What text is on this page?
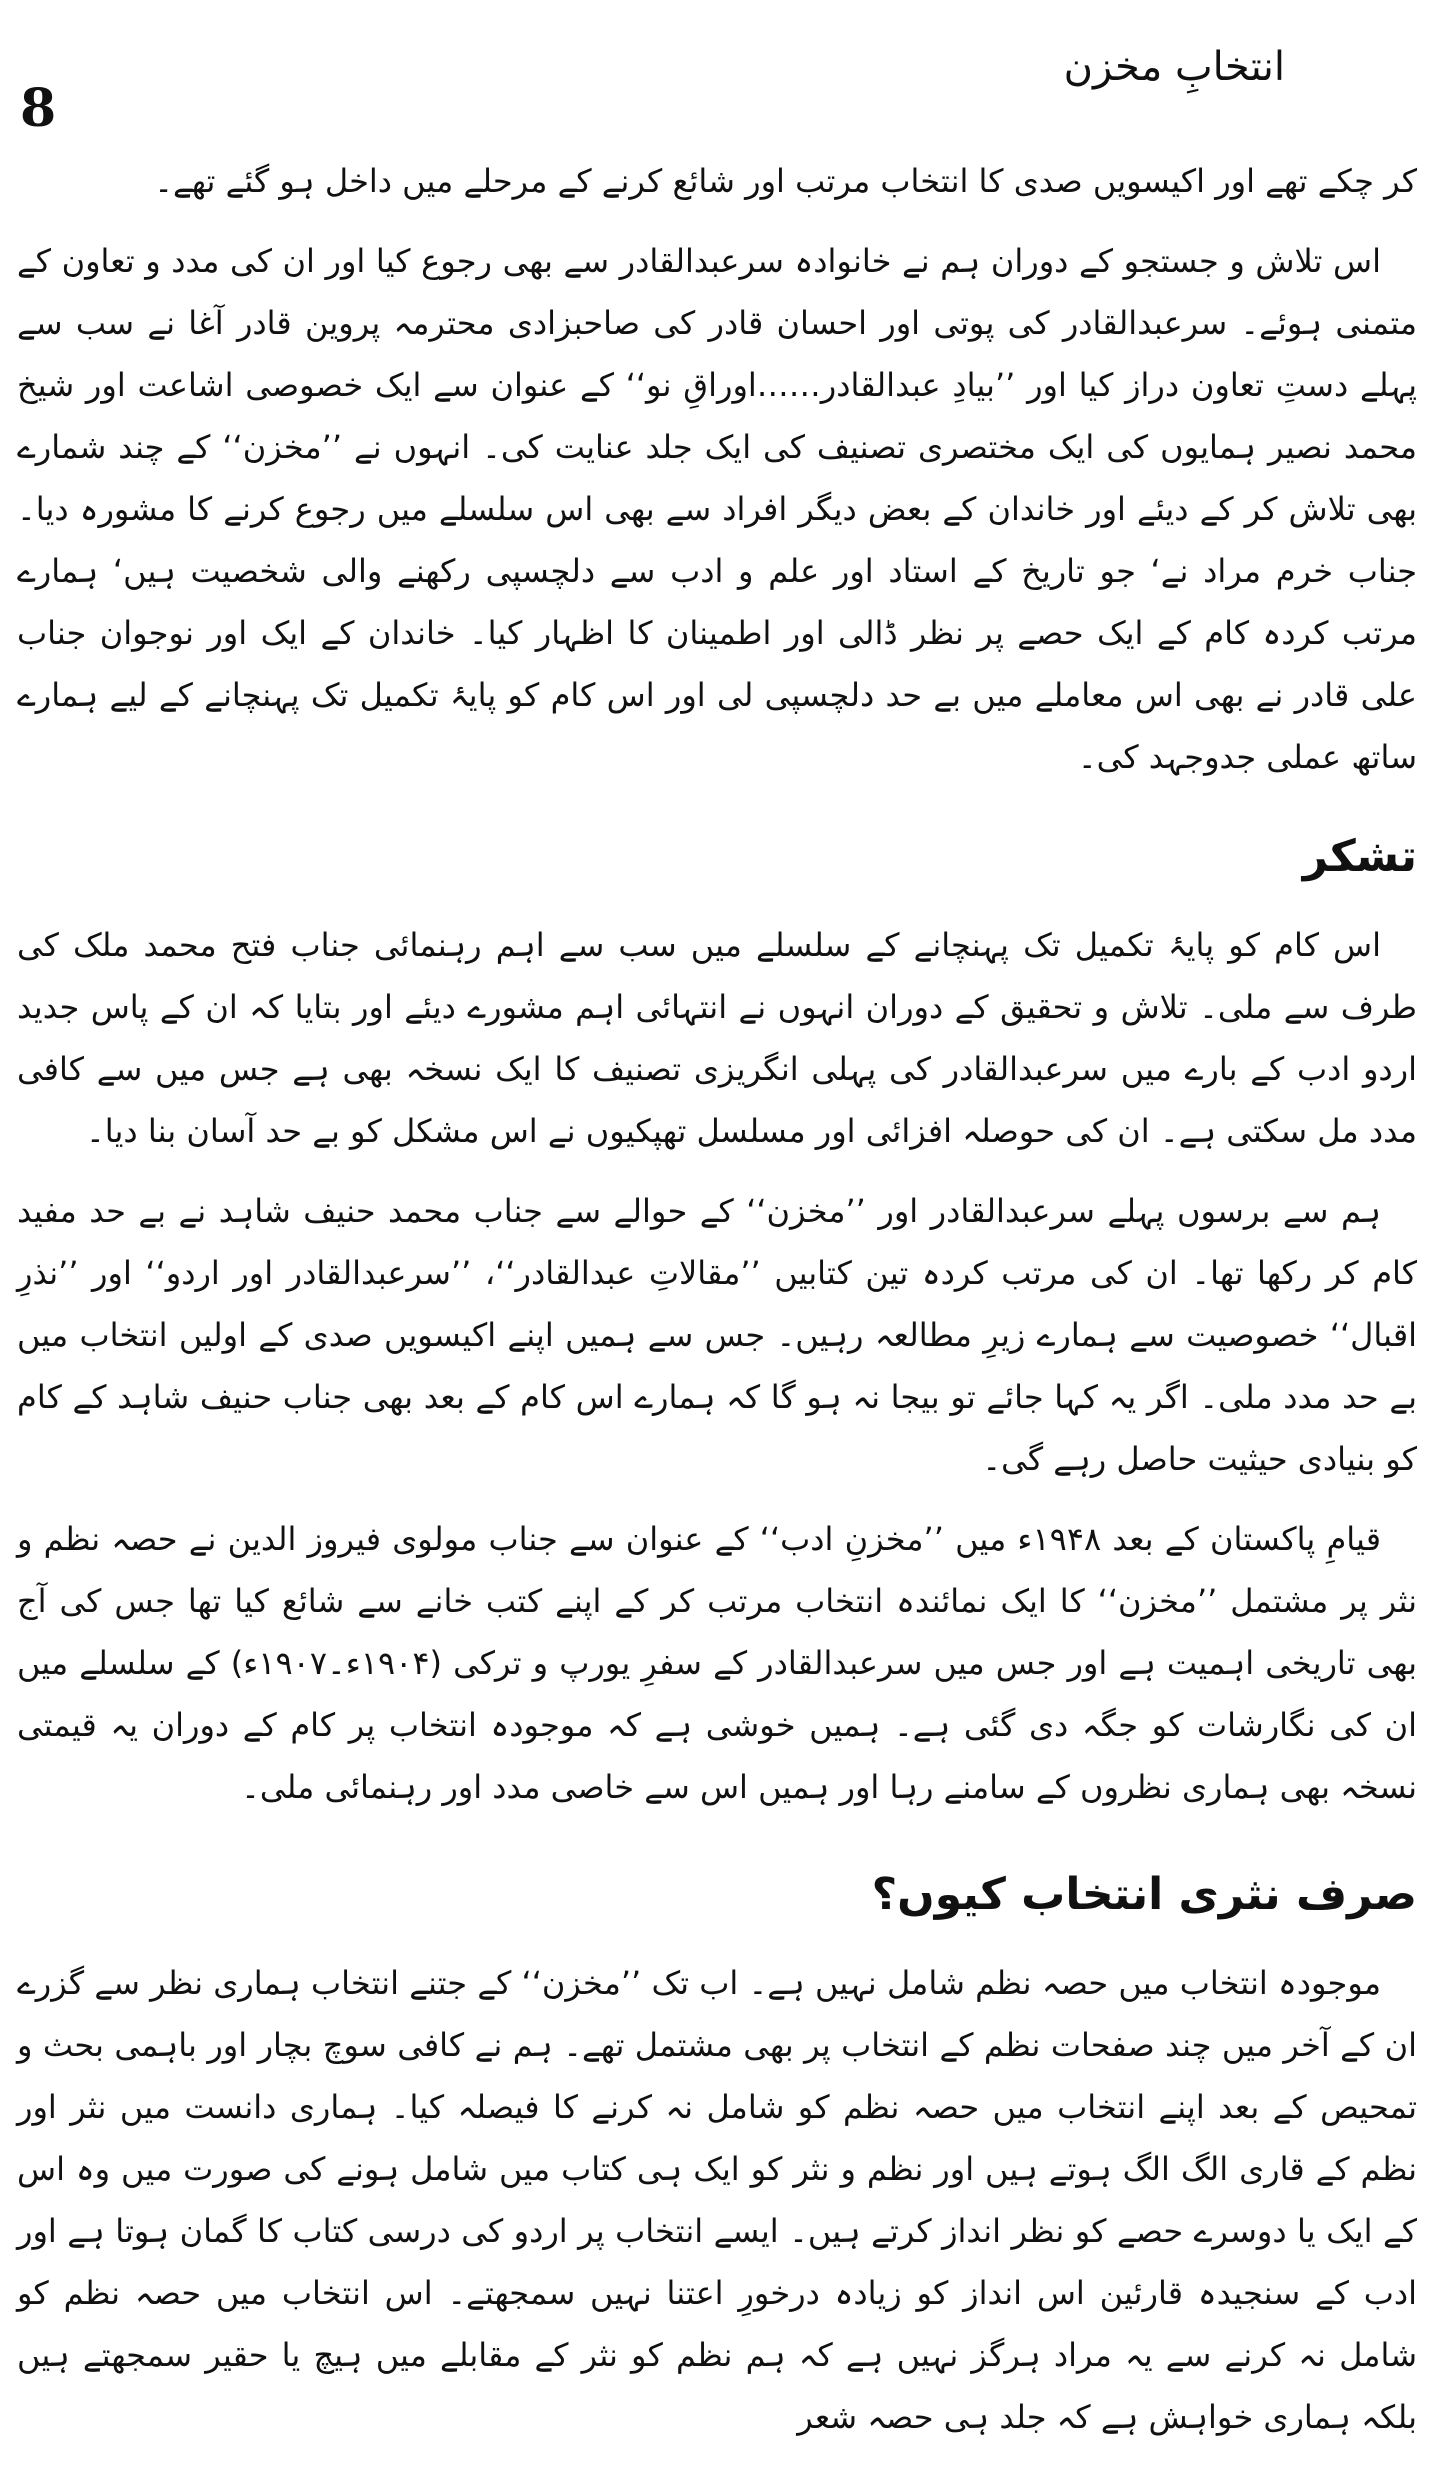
انتخابِ مخزن
8

کر چکے تھے اور اکیسویں صدی کا انتخاب مرتب اور شائع کرنے کے مرحلے میں داخل ہو گئے تھے۔

اس تلاش و جستجو کے دوران ہم نے خانوادہ سرعبدالقادر سے بھی رجوع کیا اور ان کی مدد و تعاون کے متمنی ہوئے۔ سرعبدالقادر کی پوتی اور احسان قادر کی صاحبزادی محترمہ پروین قادر آغا نے سب سے پہلے دستِ تعاون دراز کیا اور ’’بیادِ عبدالقادر……اوراقِ نو‘‘ کے عنوان سے ایک خصوصی اشاعت اور شیخ محمد نصیر ہمایوں کی ایک مختصری تصنیف کی ایک جلد عنایت کی۔ انہوں نے ’’مخزن‘‘ کے چند شمارے بھی تلاش کر کے دیئے اور خاندان کے بعض دیگر افراد سے بھی اس سلسلے میں رجوع کرنے کا مشورہ دیا۔ جناب خرم مراد نے‘ جو تاریخ کے استاد اور علم و ادب سے دلچسپی رکھنے والی شخصیت ہیں‘ ہمارے مرتب کردہ کام کے ایک حصے پر نظر ڈالی اور اطمینان کا اظہار کیا۔ خاندان کے ایک اور نوجوان جناب علی قادر نے بھی اس معاملے میں بے حد دلچسپی لی اور اس کام کو پایۂ تکمیل تک پہنچانے کے لیے ہمارے ساتھ عملی جدوجہد کی۔

تشکر

اس کام کو پایۂ تکمیل تک پہنچانے کے سلسلے میں سب سے اہم رہنمائی جناب فتح محمد ملک کی طرف سے ملی۔ تلاش و تحقیق کے دوران انہوں نے انتہائی اہم مشورے دیئے اور بتایا کہ ان کے پاس جدید اردو ادب کے بارے میں سرعبدالقادر کی پہلی انگریزی تصنیف کا ایک نسخہ بھی ہے جس میں سے کافی مدد مل سکتی ہے۔ ان کی حوصلہ افزائی اور مسلسل تھپکیوں نے اس مشکل کو بے حد آسان بنا دیا۔

ہم سے برسوں پہلے سرعبدالقادر اور ’’مخزن‘‘ کے حوالے سے جناب محمد حنیف شاہد نے بے حد مفید کام کر رکھا تھا۔ ان کی مرتب کردہ تین کتابیں ’’مقالاتِ عبدالقادر‘‘، ’’سرعبدالقادر اور اردو‘‘ اور ’’نذرِ اقبال‘‘ خصوصیت سے ہمارے زیرِ مطالعہ رہیں۔ جس سے ہمیں اپنے اکیسویں صدی کے اولیں انتخاب میں بے حد مدد ملی۔ اگر یہ کہا جائے تو بیجا نہ ہو گا کہ ہمارے اس کام کے بعد بھی جناب حنیف شاہد کے کام کو بنیادی حیثیت حاصل رہے گی۔

قیامِ پاکستان کے بعد ۱۹۴۸ء میں ’’مخزنِ ادب‘‘ کے عنوان سے جناب مولوی فیروز الدین نے حصہ نظم و نثر پر مشتمل ’’مخزن‘‘ کا ایک نمائندہ انتخاب مرتب کر کے اپنے کتب خانے سے شائع کیا تھا جس کی آج بھی تاریخی اہمیت ہے اور جس میں سرعبدالقادر کے سفرِ یورپ و ترکی (۱۹۰۴ء۔۱۹۰۷ء) کے سلسلے میں ان کی نگارشات کو جگہ دی گئی ہے۔ ہمیں خوشی ہے کہ موجودہ انتخاب پر کام کے دوران یہ قیمتی نسخہ بھی ہماری نظروں کے سامنے رہا اور ہمیں اس سے خاصی مدد اور رہنمائی ملی۔

صرف نثری انتخاب کیوں؟

موجودہ انتخاب میں حصہ نظم شامل نہیں ہے۔ اب تک ’’مخزن‘‘ کے جتنے انتخاب ہماری نظر سے گزرے ان کے آخر میں چند صفحات نظم کے انتخاب پر بھی مشتمل تھے۔ ہم نے کافی سوچ بچار اور باہمی بحث و تمحیص کے بعد اپنے انتخاب میں حصہ نظم کو شامل نہ کرنے کا فیصلہ کیا۔ ہماری دانست میں نثر اور نظم کے قاری الگ الگ ہوتے ہیں اور نظم و نثر کو ایک ہی کتاب میں شامل ہونے کی صورت میں وہ اس کے ایک یا دوسرے حصے کو نظر انداز کرتے ہیں۔ ایسے انتخاب پر اردو کی درسی کتاب کا گمان ہوتا ہے اور ادب کے سنجیدہ قارئین اس انداز کو زیادہ درخورِ اعتنا نہیں سمجھتے۔ اس انتخاب میں حصہ نظم کو شامل نہ کرنے سے یہ مراد ہرگز نہیں ہے کہ ہم نظم کو نثر کے مقابلے میں ہیچ یا حقیر سمجھتے ہیں بلکہ ہماری خواہش ہے کہ جلد ہی حصہ شعر
